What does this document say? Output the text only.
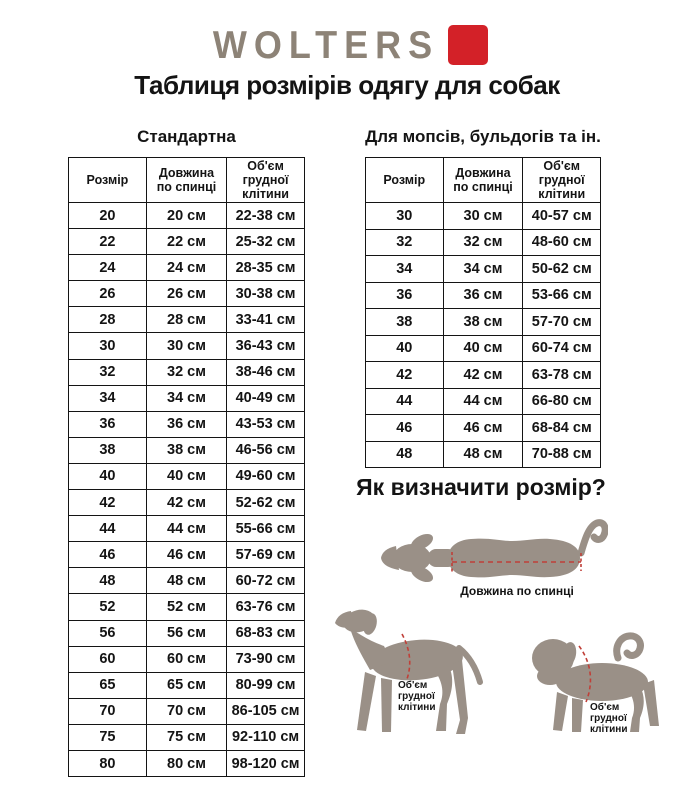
WOLTERS
Таблиця розмірів одягу для собак
Стандартна	Для мопсів, бульдогів та ін.
Розмір	Довжина по спинці	Об'єм грудної клітини
20	20 см	22-38 см
22	22 см	25-32 см
24	24 см	28-35 см
26	26 см	30-38 см
28	28 см	33-41 см
30	30 см	36-43 см
32	32 см	38-46 см
34	34 см	40-49 см
36	36 см	43-53 см
38	38 см	46-56 см
40	40 см	49-60 см
42	42 см	52-62 см
44	44 см	55-66 см
46	46 см	57-69 см
48	48 см	60-72 см
52	52 см	63-76 см
56	56 см	68-83 см
60	60 см	73-90 см
65	65 см	80-99 см
70	70 см	86-105 см
75	75 см	92-110 см
80	80 см	98-120 см
Розмір	Довжина по спинці	Об'єм грудної клітини
30	30 см	40-57 см
32	32 см	48-60 см
34	34 см	50-62 см
36	36 см	53-66 см
38	38 см	57-70 см
40	40 см	60-74 см
42	42 см	63-78 см
44	44 см	66-80 см
46	46 см	68-84 см
48	48 см	70-88 см
Як визначити розмір?
Довжина по спинці
Об'єм
грудної
клітини	Об'єм
грудної
клітини
